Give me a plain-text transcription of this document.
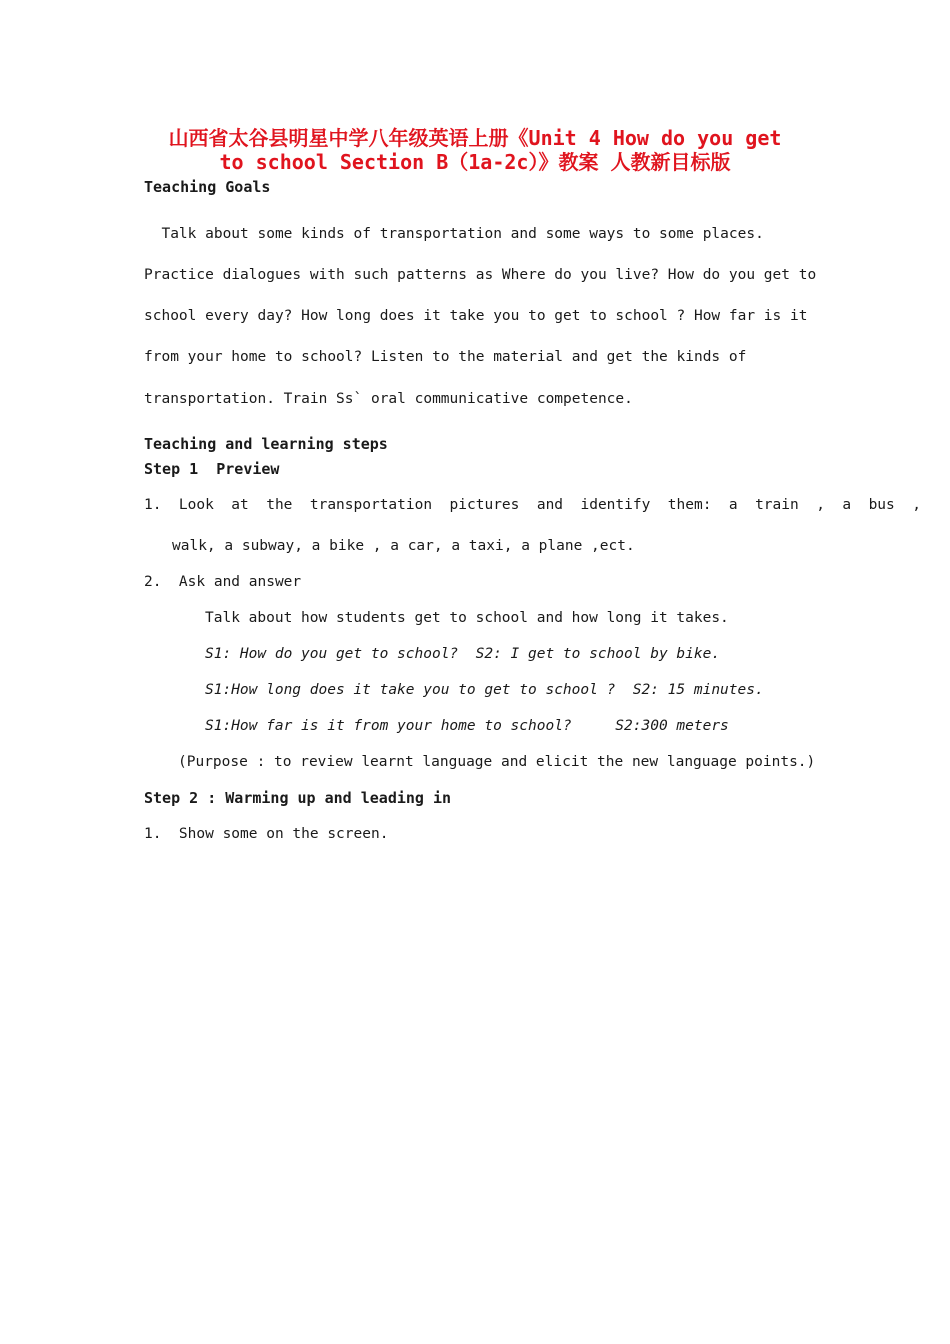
山西省太谷县明星中学八年级英语上册《Unit 4 How do you get
to school Section B（1a-2c）》教案 人教新目标版
Teaching Goals
Talk about some kinds of transportation and some ways to some places.
Practice dialogues with such patterns as Where do you live? How do you get to
school every day? How long does it take you to get to school ? How far is it
from your home to school? Listen to the material and get the kinds of
transportation. Train Ss` oral communicative competence.
Teaching and learning steps
Step 1  Preview
1.  Look  at  the  transportation  pictures  and  identify  them:  a  train  ,  a  bus  ,
walk, a subway, a bike , a car, a taxi, a plane ,ect.
2.  Ask and answer
Talk about how students get to school and how long it takes.
S1: How do you get to school?  S2: I get to school by bike.
S1:How long does it take you to get to school ?  S2: 15 minutes.
S1:How far is it from your home to school?     S2:300 meters
(Purpose : to review learnt language and elicit the new language points.)
Step 2 : Warming up and leading in
1.  Show some on the screen.
